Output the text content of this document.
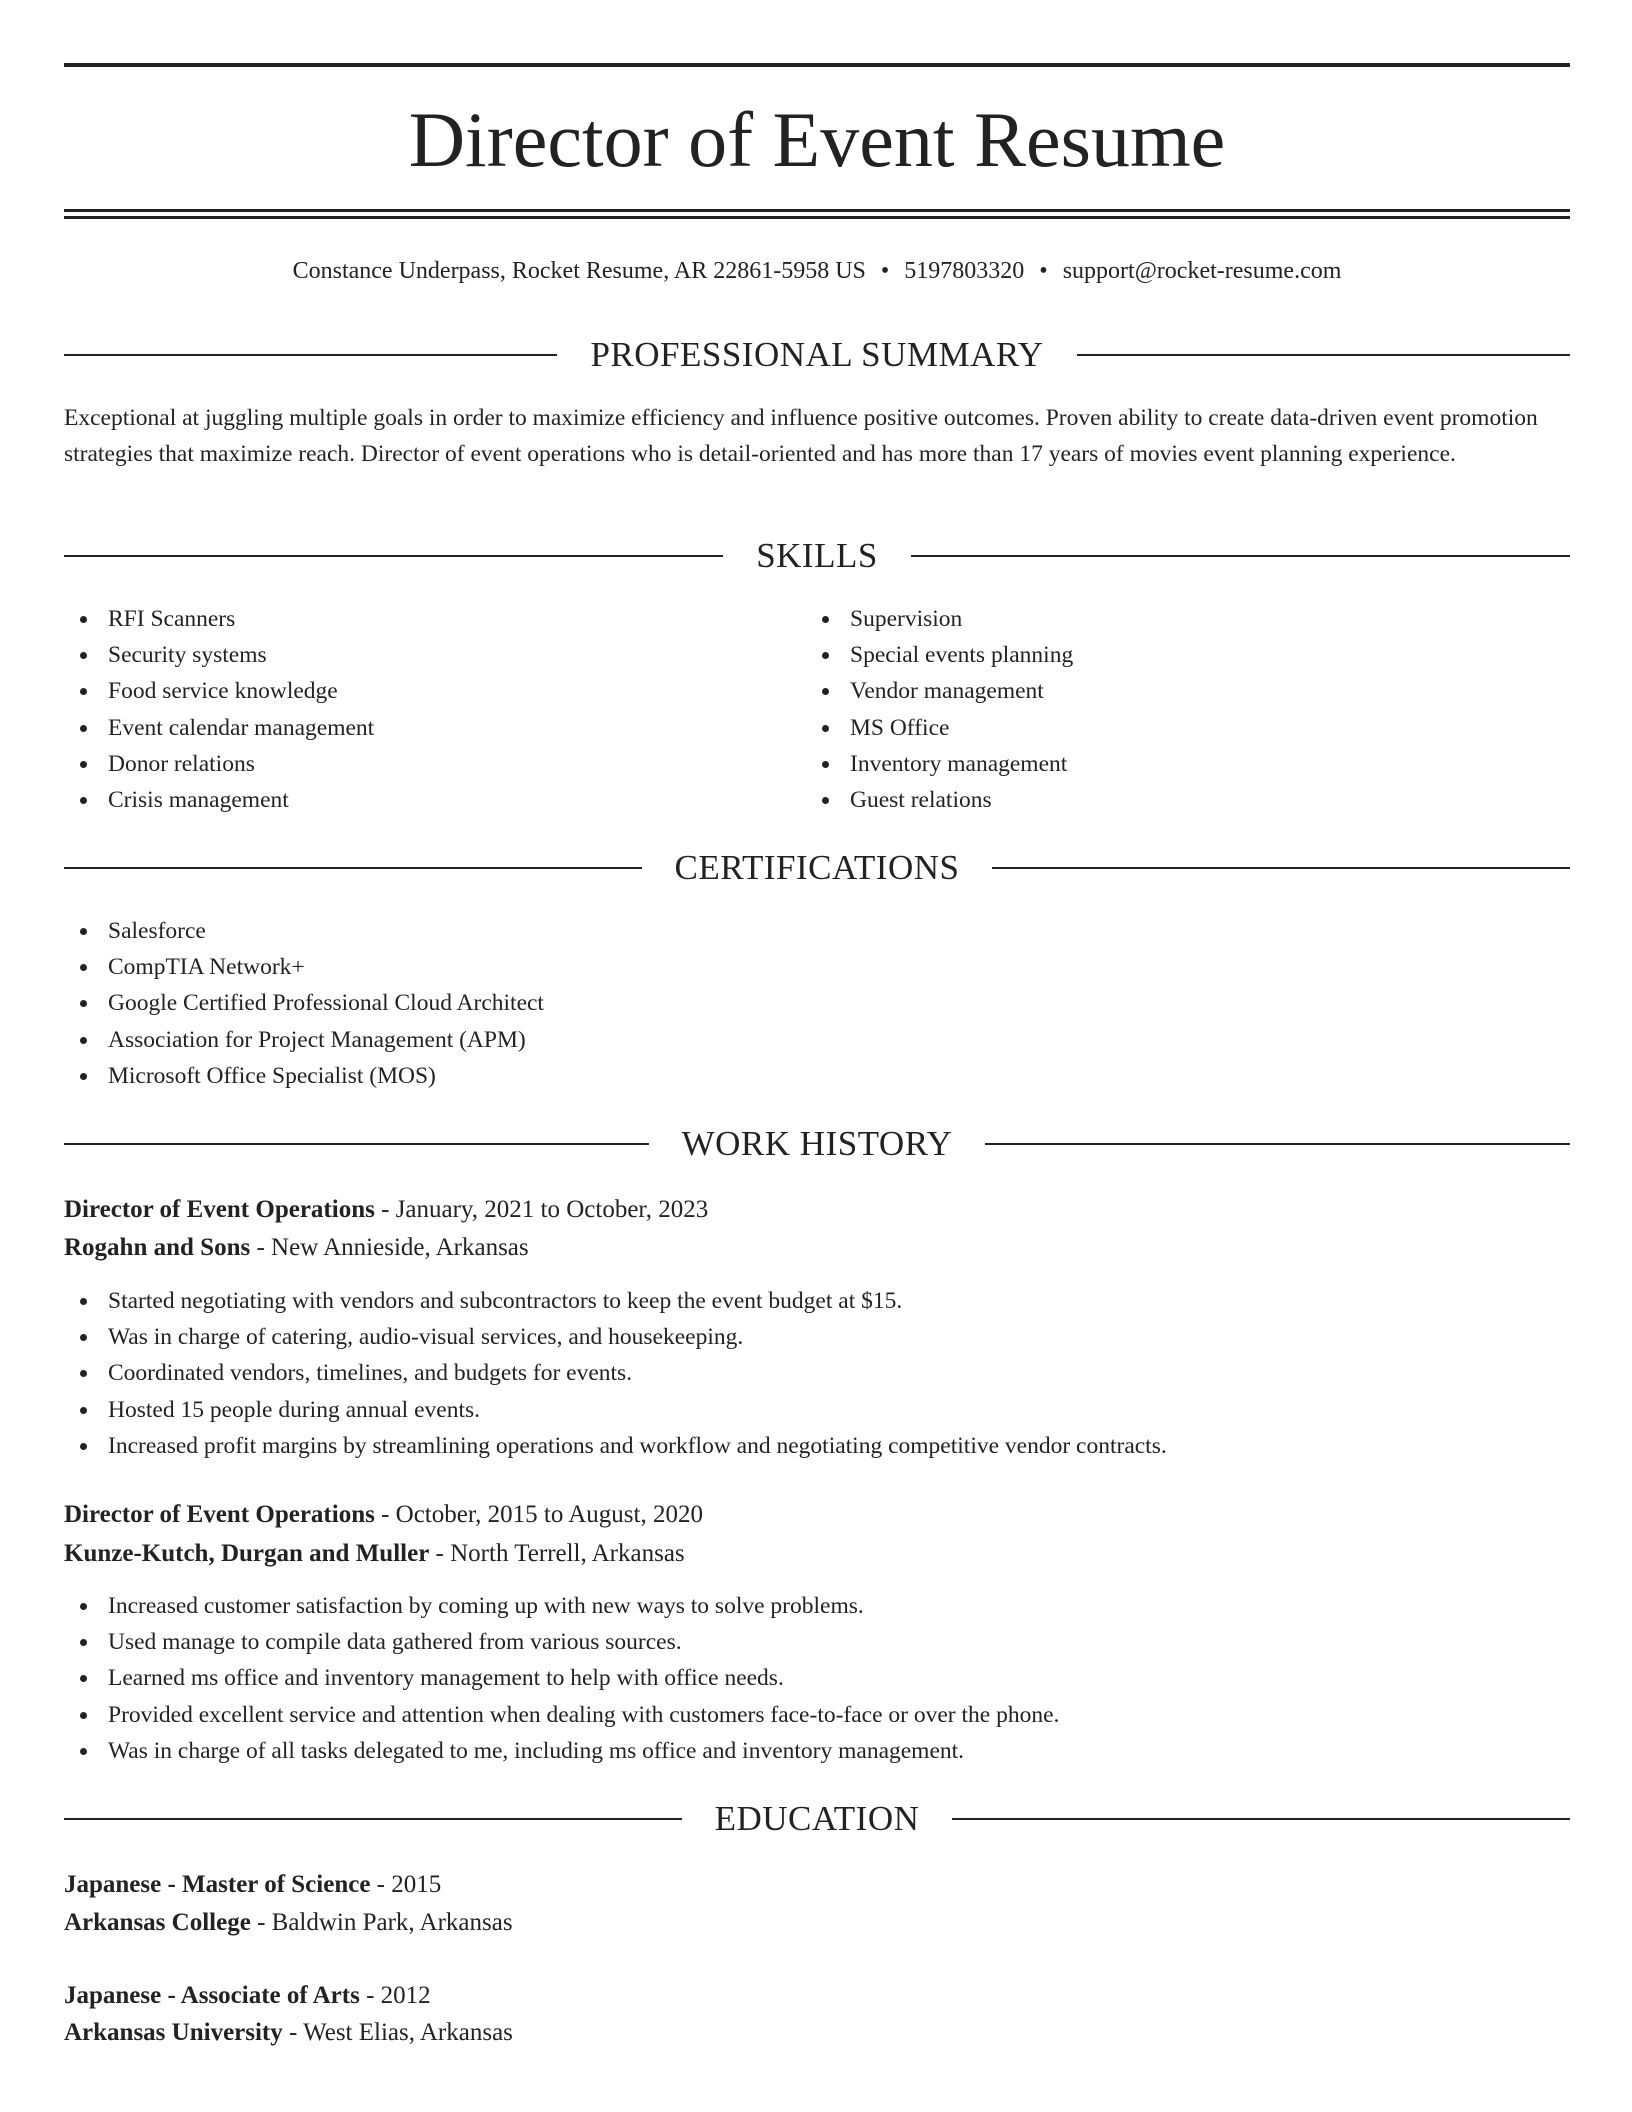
Director of Event Resume
Constance Underpass, Rocket Resume, AR 22861-5958 US • 5197803320 • support@rocket-resume.com
PROFESSIONAL SUMMARY

Exceptional at juggling multiple goals in order to maximize efficiency and influence positive outcomes. Proven ability to create data-driven event promotion strategies that maximize reach. Director of event operations who is detail-oriented and has more than 17 years of movies event planning experience.

SKILLS
RFI Scanners
Security systems
Food service knowledge
Event calendar management
Donor relations
Crisis management
Supervision
Special events planning
Vendor management
MS Office
Inventory management
Guest relations
CERTIFICATIONS
Salesforce
CompTIA Network+
Google Certified Professional Cloud Architect
Association for Project Management (APM)
Microsoft Office Specialist (MOS)
WORK HISTORY
Director of Event Operations - January, 2021 to October, 2023
Rogahn and Sons - New Annieside, Arkansas
Started negotiating with vendors and subcontractors to keep the event budget at $15.
Was in charge of catering, audio-visual services, and housekeeping.
Coordinated vendors, timelines, and budgets for events.
Hosted 15 people during annual events.
Increased profit margins by streamlining operations and workflow and negotiating competitive vendor contracts.
Director of Event Operations - October, 2015 to August, 2020
Kunze-Kutch, Durgan and Muller - North Terrell, Arkansas
Increased customer satisfaction by coming up with new ways to solve problems.
Used manage to compile data gathered from various sources.
Learned ms office and inventory management to help with office needs.
Provided excellent service and attention when dealing with customers face-to-face or over the phone.
Was in charge of all tasks delegated to me, including ms office and inventory management.
EDUCATION
Japanese - Master of Science - 2015
Arkansas College - Baldwin Park, Arkansas
Japanese - Associate of Arts - 2012
Arkansas University - West Elias, Arkansas
